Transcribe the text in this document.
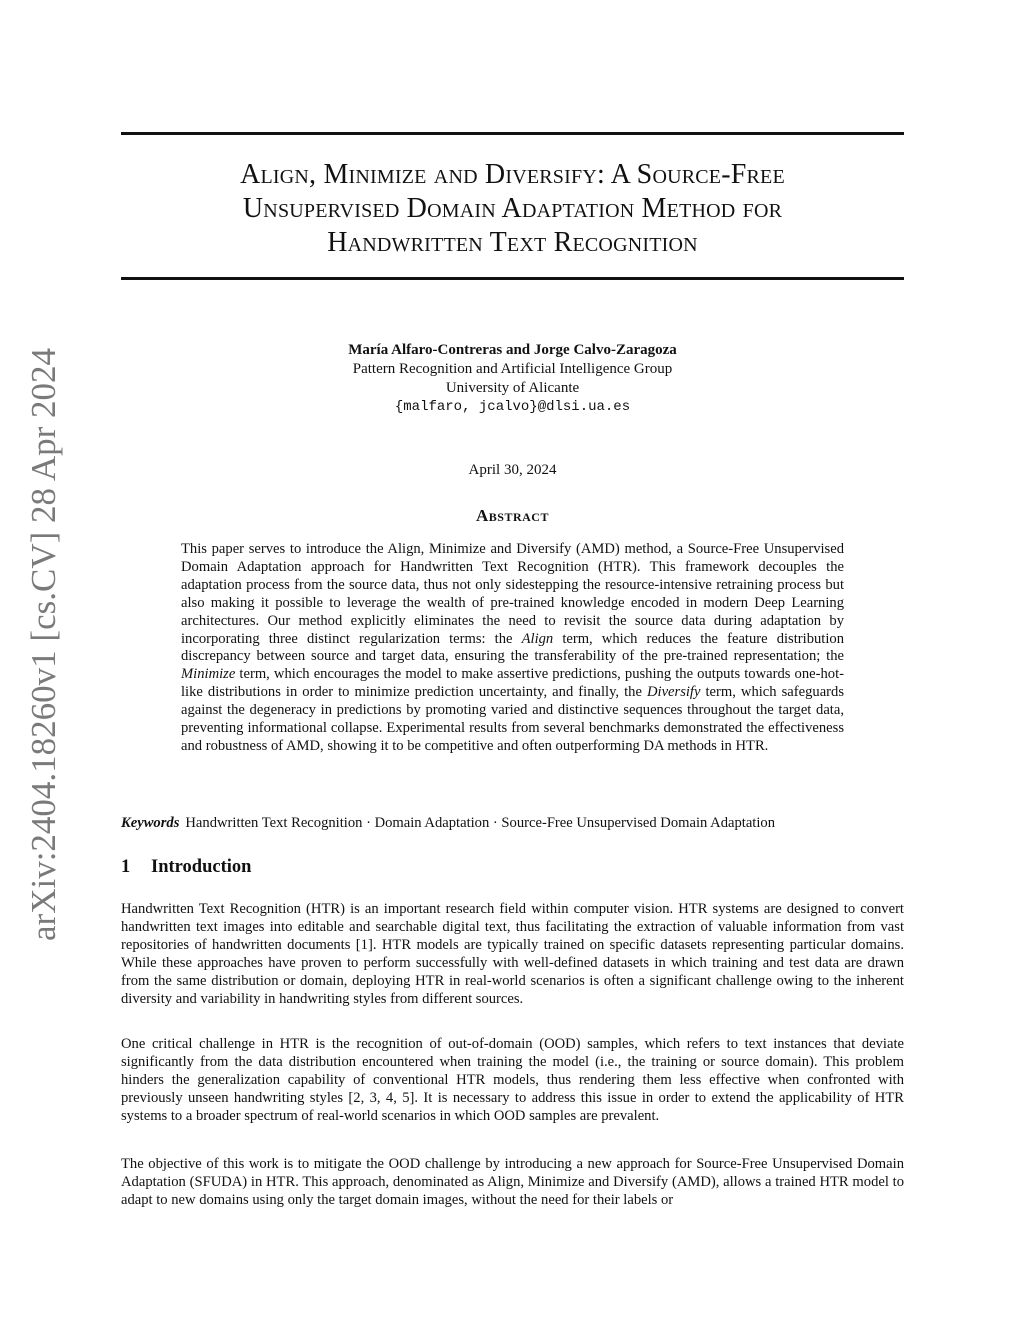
arXiv:2404.18260v1 [cs.CV] 28 Apr 2024
Align, Minimize and Diversify: A Source-Free
Unsupervised Domain Adaptation Method for
Handwritten Text Recognition
María Alfaro-Contreras and Jorge Calvo-Zaragoza
Pattern Recognition and Artificial Intelligence Group
University of Alicante
{malfaro, jcalvo}@dlsi.ua.es
April 30, 2024
Abstract

This paper serves to introduce the Align, Minimize and Diversify (AMD) method, a Source-Free Unsupervised Domain Adaptation approach for Handwritten Text Recognition (HTR). This framework decouples the adaptation process from the source data, thus not only sidestepping the resource-intensive retraining process but also making it possible to leverage the wealth of pre-trained knowledge encoded in modern Deep Learning architectures. Our method explicitly eliminates the need to revisit the source data during adaptation by incorporating three distinct regularization terms: the Align term, which reduces the feature distribution discrepancy between source and target data, ensuring the transferability of the pre-trained representation; the Minimize term, which encourages the model to make assertive predictions, pushing the outputs towards one-hot-like distributions in order to minimize prediction uncertainty, and finally, the Diversify term, which safeguards against the degeneracy in predictions by promoting varied and distinctive sequences throughout the target data, preventing informational collapse. Experimental results from several benchmarks demonstrated the effectiveness and robustness of AMD, showing it to be competitive and often outperforming DA methods in HTR.

Keywords Handwritten Text Recognition · Domain Adaptation · Source-Free Unsupervised Domain Adaptation
1 Introduction

Handwritten Text Recognition (HTR) is an important research field within computer vision. HTR systems are designed to convert handwritten text images into editable and searchable digital text, thus facilitating the extraction of valuable information from vast repositories of handwritten documents [1]. HTR models are typically trained on specific datasets representing particular domains. While these approaches have proven to perform successfully with well-defined datasets in which training and test data are drawn from the same distribution or domain, deploying HTR in real-world scenarios is often a significant challenge owing to the inherent diversity and variability in handwriting styles from different sources.

One critical challenge in HTR is the recognition of out-of-domain (OOD) samples, which refers to text instances that deviate significantly from the data distribution encountered when training the model (i.e., the training or source domain). This problem hinders the generalization capability of conventional HTR models, thus rendering them less effective when confronted with previously unseen handwriting styles [2, 3, 4, 5]. It is necessary to address this issue in order to extend the applicability of HTR systems to a broader spectrum of real-world scenarios in which OOD samples are prevalent.

The objective of this work is to mitigate the OOD challenge by introducing a new approach for Source-Free Unsupervised Domain Adaptation (SFUDA) in HTR. This approach, denominated as Align, Minimize and Diversify (AMD), allows a trained HTR model to adapt to new domains using only the target domain images, without the need for their labels or
